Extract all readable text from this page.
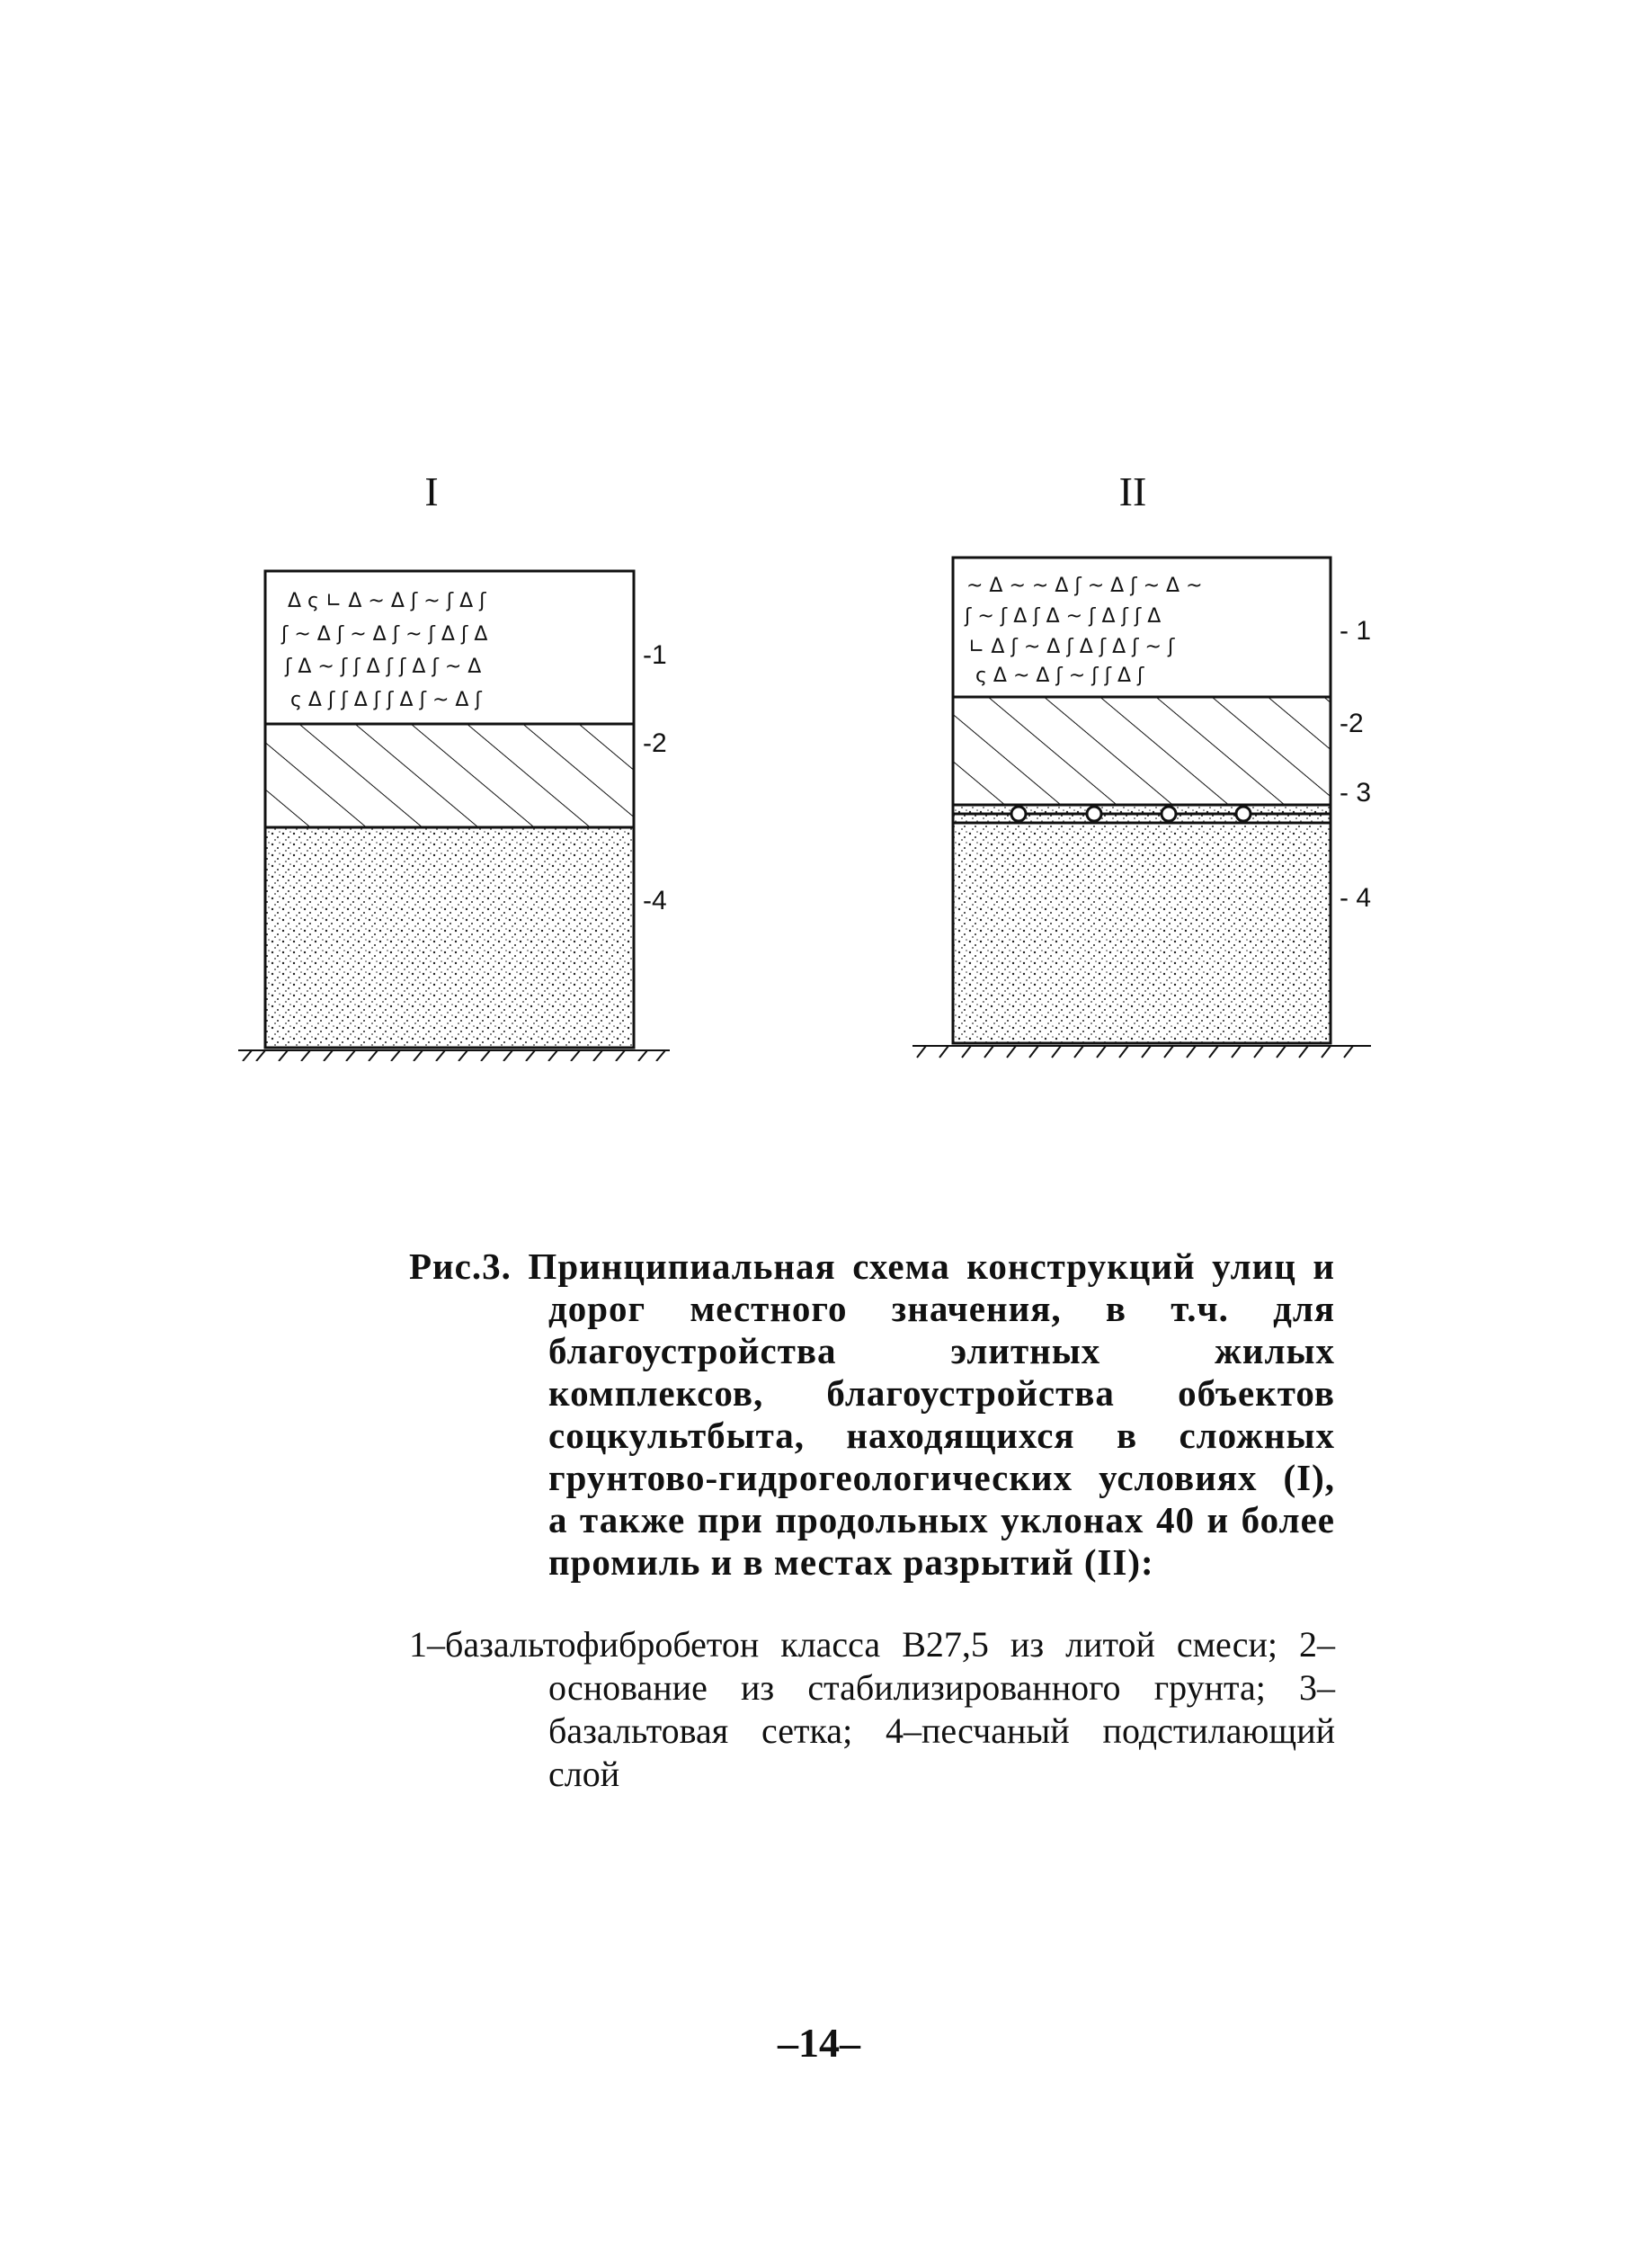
I
Δ ς ∟ Δ ~ Δ ʃ ~ ʃ Δ ʃ
ʃ ~ Δ ʃ ~ Δ ʃ ~ ʃ Δ ʃ Δ
ʃ Δ ~ ʃ ʃ Δ ʃ ʃ Δ ʃ ~ Δ
ς Δ ʃ ʃ Δ ʃ ʃ Δ ʃ ~ Δ ʃ
-1
-2
-4
II
~ Δ ~ ~ Δ ʃ ~ Δ ʃ ~ Δ ~
ʃ ~ ʃ Δ ʃ Δ ~ ʃ Δ ʃ ʃ Δ
∟ Δ ʃ ~ Δ ʃ Δ ʃ Δ ʃ ~ ʃ
ς Δ ~ Δ ʃ ~ ʃ ʃ Δ ʃ
- 1
-2
- 3
- 4
Рис.3. Принципиальная схема конструкций улиц и
дорог местного значения, в т.ч. для
благоустройства элитных жилых
комплексов, благоустройства объектов
соцкультбыта, находящихся в сложных
грунтово-гидрогеологических условиях (I),
а также при продольных уклонах 40 и более
промиль и в местах разрытий (II):
1–базальтофибробетон класса В27,5 из литой смеси; 2–
основание из стабилизированного грунта; 3–
базальтовая сетка; 4–песчаный подстилающий
слой
–14–
